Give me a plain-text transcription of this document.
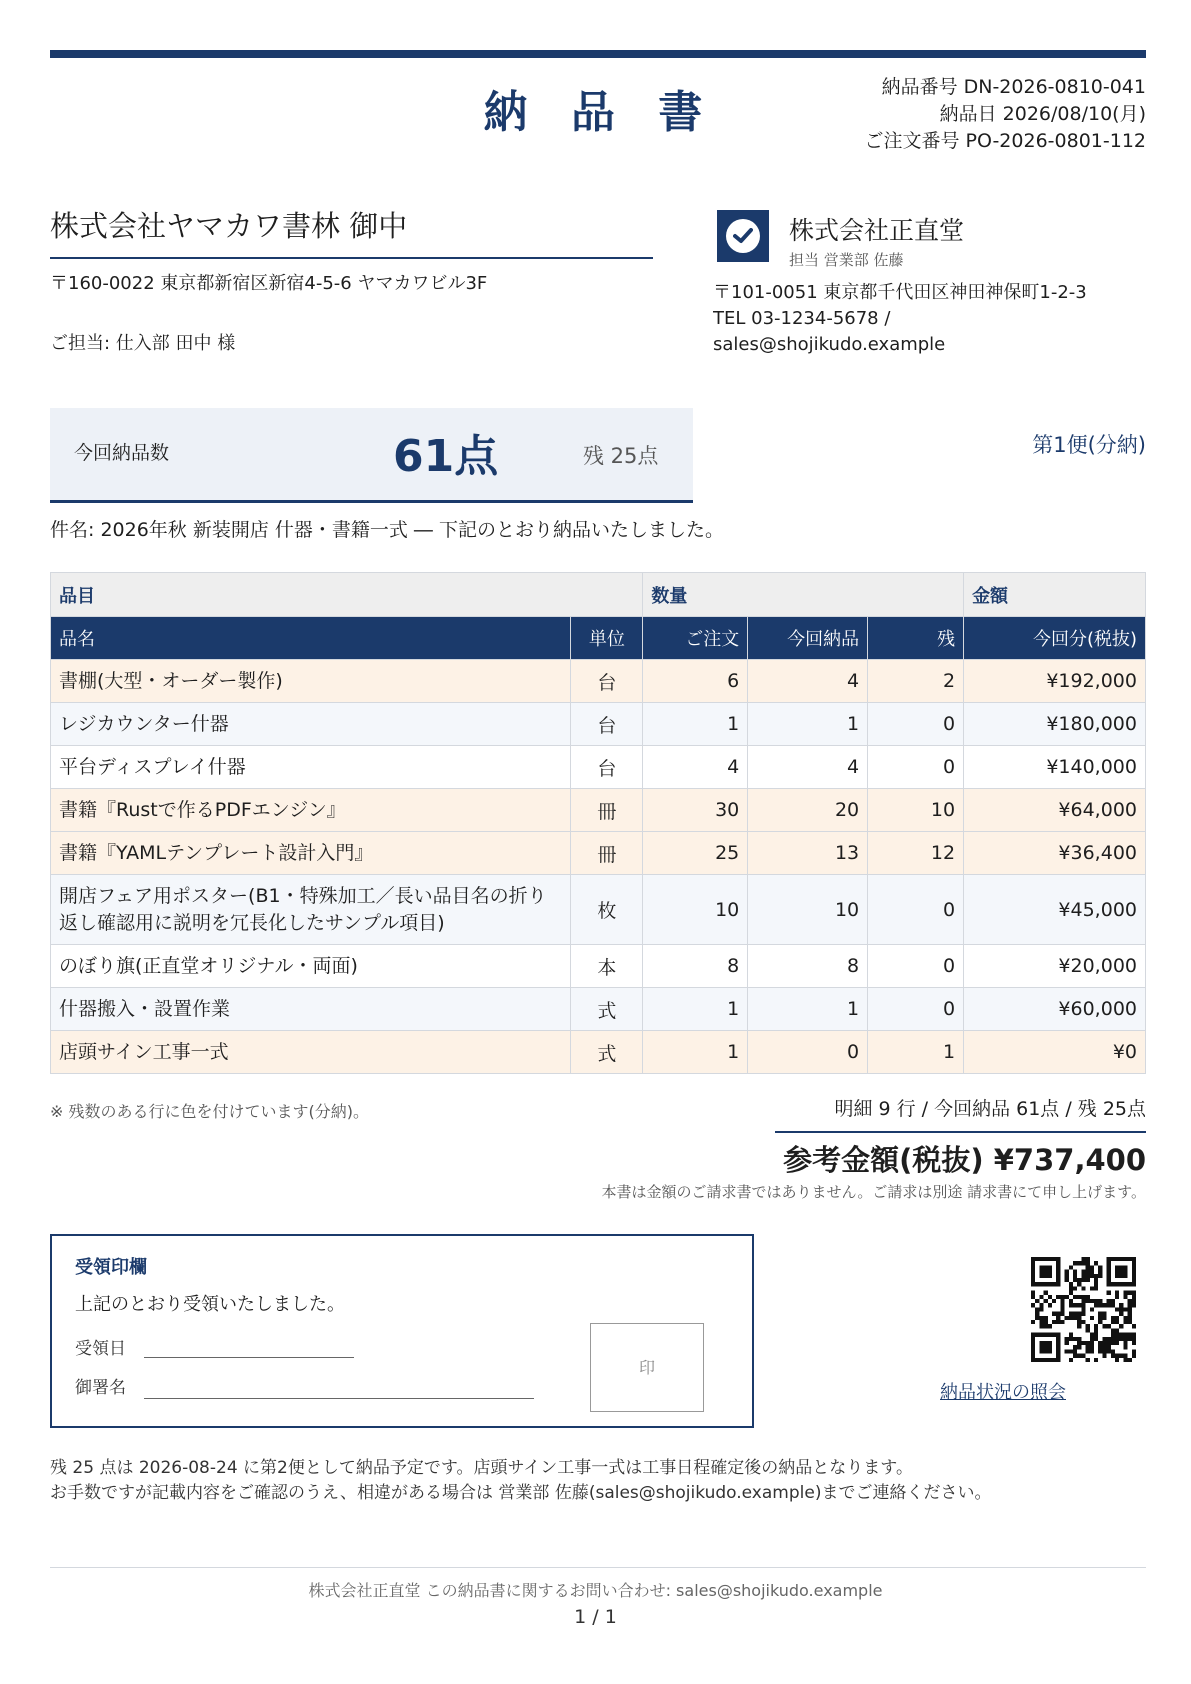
納 品 書	納品番号 DN-2026-0810-041
納品日 2026/08/10(月)
ご注文番号 PO-2026-0801-112
株式会社ヤマカワ書林 御中
〒160-0022 東京都新宿区新宿4-5-6 ヤマカワビル3F
ご担当: 仕入部 田中 様
株式会社正直堂
担当 営業部 佐藤
〒101-0051 東京都千代田区神田神保町1-2-3
TEL 03-1234-5678 / sales@shojikudo.example
今回納品数	61点	残 25点	第1便(分納)
件名: 2026年秋 新装開店 什器・書籍一式 ― 下記のとおり納品いたしました。
品目		数量			金額
品名	単位	ご注文	今回納品	残	今回分(税抜)
書棚(大型・オーダー製作)	台	6	4	2	¥192,000
レジカウンター什器	台	1	1	0	¥180,000
平台ディスプレイ什器	台	4	4	0	¥140,000
書籍『Rustで作るPDFエンジン』	冊	30	20	10	¥64,000
書籍『YAMLテンプレート設計入門』	冊	25	13	12	¥36,400
開店フェア用ポスター(B1・特殊加工／長い品目名の折り返し確認用に説明を冗長化したサンプル項目)	枚	10	10	0	¥45,000
のぼり旗(正直堂オリジナル・両面)	本	8	8	0	¥20,000
什器搬入・設置作業	式	1	1	0	¥60,000
店頭サイン工事一式	式	1	0	1	¥0
※ 残数のある行に色を付けています(分納)。	明細 9 行 / 今回納品 61点 / 残 25点
参考金額(税抜) ¥737,400
本書は金額のご請求書ではありません。ご請求は別途 請求書にて申し上げます。
受領印欄
上記のとおり受領いたしました。
受領日
御署名
印
納品状況の照会
残 25 点は 2026-08-24 に第2便として納品予定です。店頭サイン工事一式は工事日程確定後の納品となります。
お手数ですが記載内容をご確認のうえ、相違がある場合は 営業部 佐藤(sales@shojikudo.example)までご連絡ください。
株式会社正直堂 この納品書に関するお問い合わせ: sales@shojikudo.example
1 / 1
